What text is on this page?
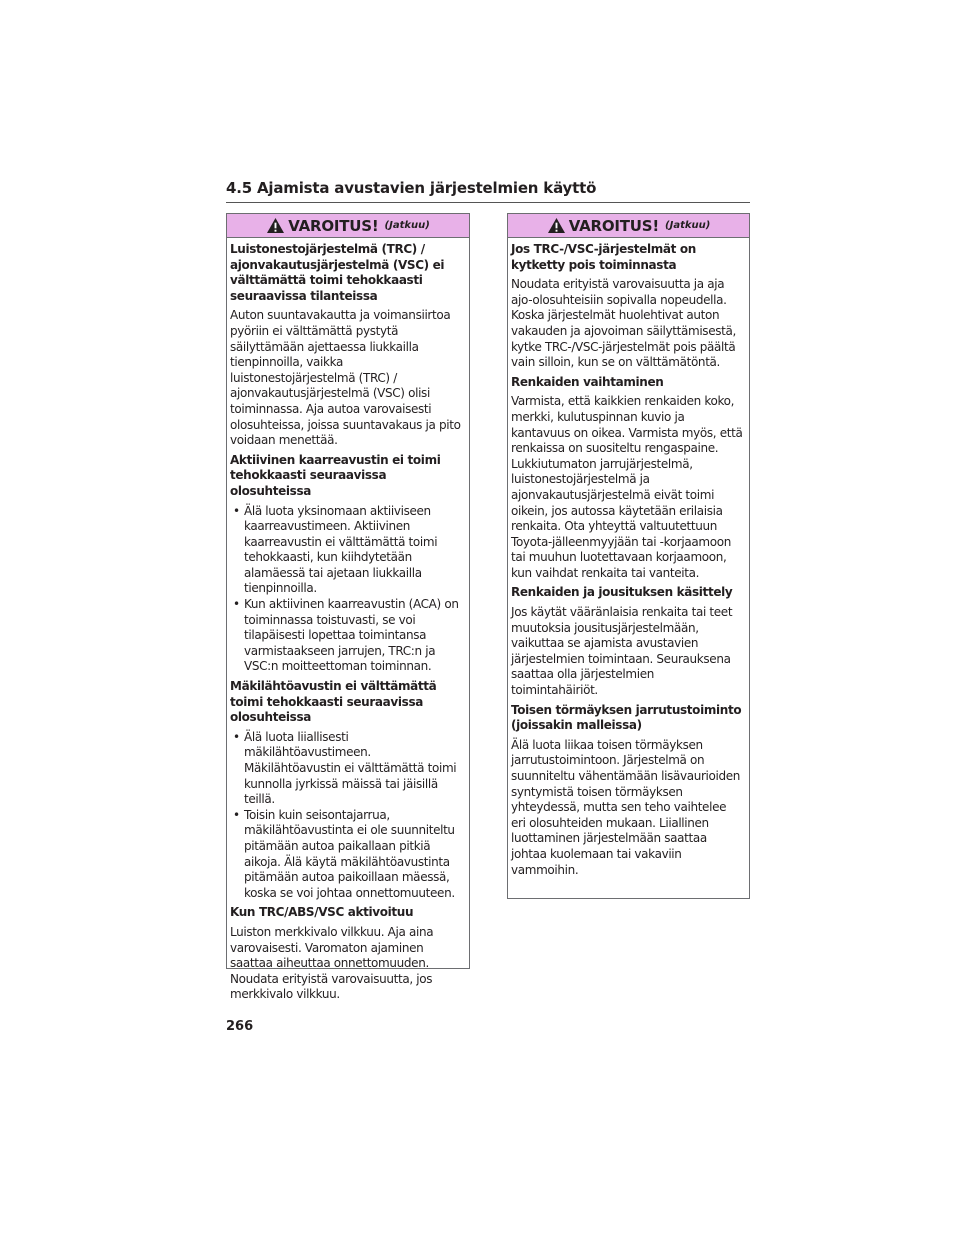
4.5 Ajamista avustavien järjestelmien käyttö
VAROITUS! (Jatkuu)
Luistonestojärjestelmä (TRC) / ajonvakautusjärjestelmä (VSC) ei välttämättä toimi tehokkaasti seuraavissa tilanteissa

Auton suuntavakautta ja voimansiirtoa pyöriin ei välttämättä pystytä säilyttämään ajettaessa liukkailla tienpinnoilla, vaikka luistonestojärjestelmä (TRC) / ajonvakautusjärjestelmä (VSC) olisi toiminnassa. Aja autoa varovaisesti olosuhteissa, joissa suuntavakaus ja pito voidaan menettää.

Aktiivinen kaarreavustin ei toimi tehokkaasti seuraavissa olosuhteissa
• Älä luota yksinomaan aktiiviseen kaarreavustimeen. Aktiivinen kaarreavustin ei välttämättä toimi tehokkaasti, kun kiihdytetään alamäessä tai ajetaan liukkailla tienpinnoilla.
• Kun aktiivinen kaarreavustin (ACA) on toiminnassa toistuvasti, se voi tilapäisesti lopettaa toimintansa varmistaakseen jarrujen, TRC:n ja VSC:n moitteettoman toiminnan.
Mäkilähtöavustin ei välttämättä toimi tehokkaasti seuraavissa olosuhteissa
• Älä luota liiallisesti mäkilähtöavustimeen. Mäkilähtöavustin ei välttämättä toimi kunnolla jyrkissä mäissä tai jäisillä teillä.
• Toisin kuin seisontajarrua, mäkilähtöavustinta ei ole suunniteltu pitämään autoa paikallaan pitkiä aikoja. Älä käytä mäkilähtöavustinta pitämään autoa paikoillaan mäessä, koska se voi johtaa onnettomuuteen.
Kun TRC/ABS/VSC aktivoituu

Luiston merkkivalo vilkkuu. Aja aina varovaisesti. Varomaton ajaminen saattaa aiheuttaa onnettomuuden. Noudata erityistä varovaisuutta, jos merkkivalo vilkkuu.

VAROITUS! (Jatkuu)
Jos TRC-/VSC-järjestelmät on kytketty pois toiminnasta

Noudata erityistä varovaisuutta ja aja ajo-olosuhteisiin sopivalla nopeudella. Koska järjestelmät huolehtivat auton vakauden ja ajovoiman säilyttämisestä, kytke TRC-/VSC-järjestelmät pois päältä vain silloin, kun se on välttämätöntä.

Renkaiden vaihtaminen

Varmista, että kaikkien renkaiden koko, merkki, kulutuspinnan kuvio ja kantavuus on oikea. Varmista myös, että renkaissa on suositeltu rengaspaine. Lukkiutumaton jarrujärjestelmä, luistonestojärjestelmä ja ajonvakautusjärjestelmä eivät toimi oikein, jos autossa käytetään erilaisia renkaita. Ota yhteyttä valtuutettuun Toyota-jälleenmyyjään tai -korjaamoon tai muuhun luotettavaan korjaamoon, kun vaihdat renkaita tai vanteita.

Renkaiden ja jousituksen käsittely

Jos käytät vääränlaisia renkaita tai teet muutoksia jousitusjärjestelmään, vaikuttaa se ajamista avustavien järjestelmien toimintaan. Seurauksena saattaa olla järjestelmien toimintahäiriöt.

Toisen törmäyksen jarrutustoiminto (joissakin malleissa)

Älä luota liikaa toisen törmäyksen jarrutustoimintoon. Järjestelmä on suunniteltu vähentämään lisävaurioiden syntymistä toisen törmäyksen yhteydessä, mutta sen teho vaihtelee eri olosuhteiden mukaan. Liiallinen luottaminen järjestelmään saattaa johtaa kuolemaan tai vakaviin vammoihin.

266
